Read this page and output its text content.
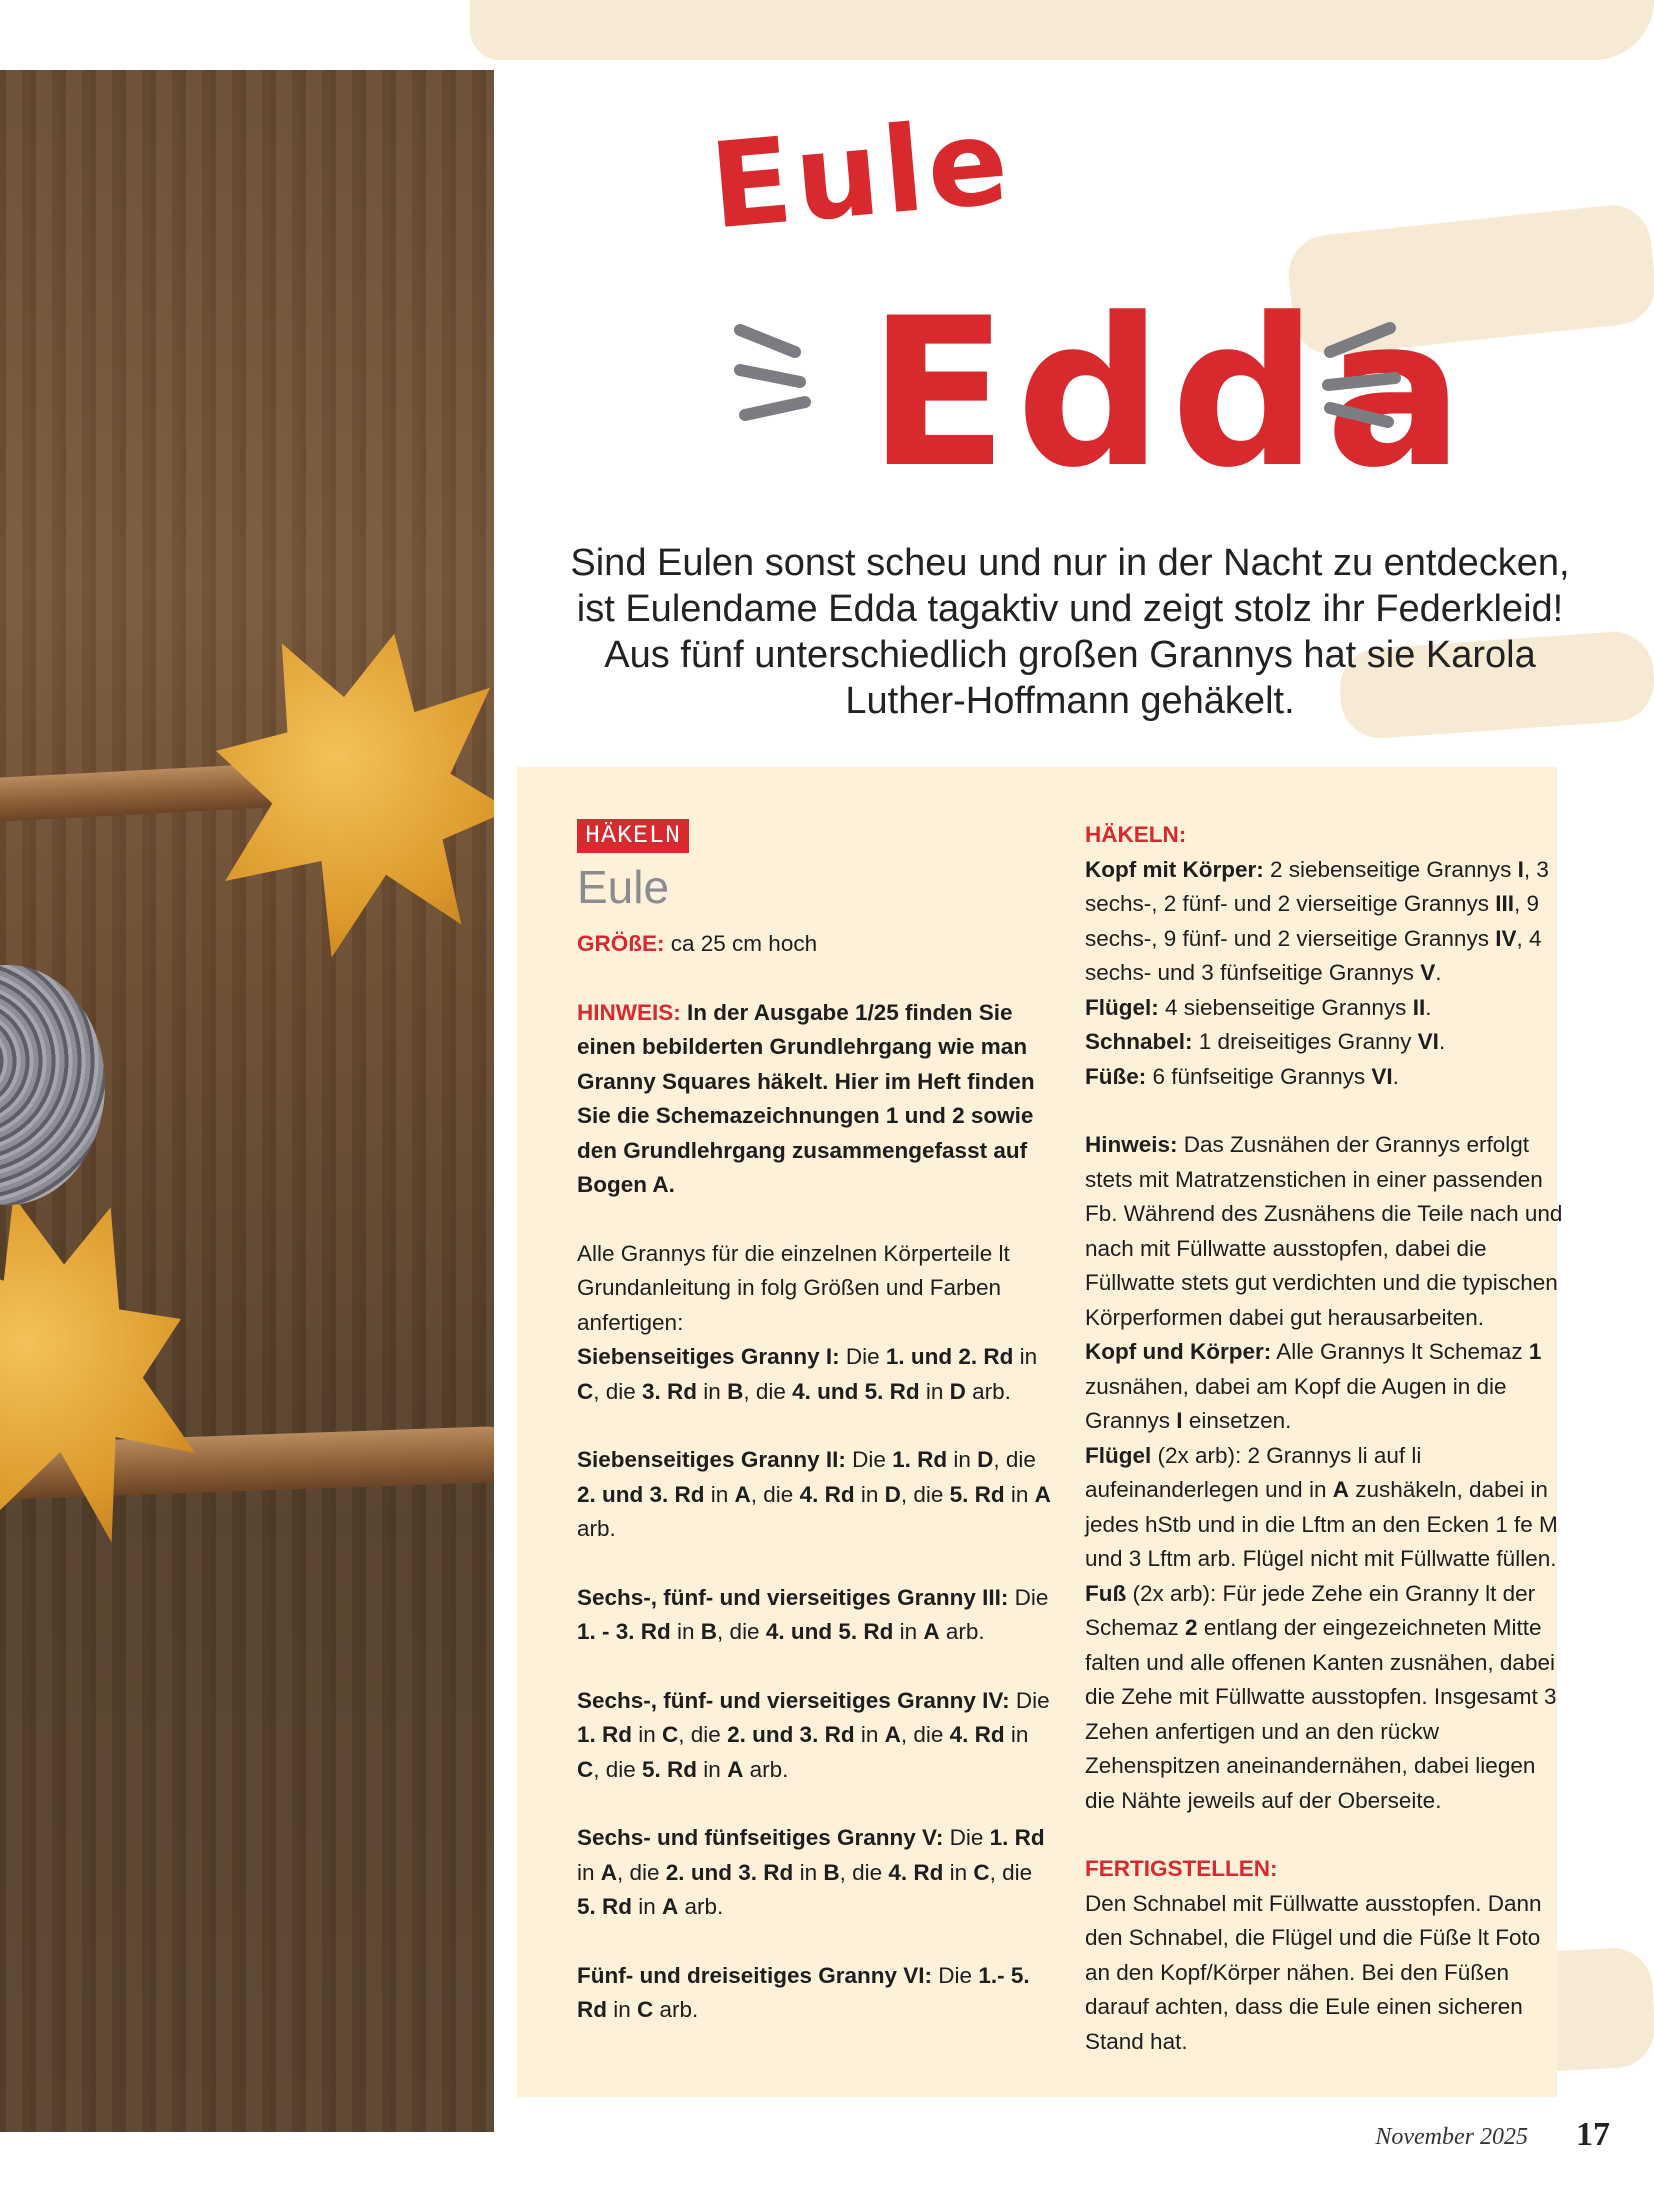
Eule
Edda
Sind Eulen sonst scheu und nur in der Nacht zu entdecken,
ist Eulendame Edda tagaktiv und zeigt stolz ihr Federkleid!
Aus fünf unterschiedlich großen Grannys hat sie Karola
Luther-Hoffmann gehäkelt.
HÄKELN
Eule

GRÖßE: ca 25 cm hoch

HINWEIS: In der Ausgabe 1/25 finden Sie einen bebilderten Grundlehrgang wie man Granny Squares häkelt. Hier im Heft finden Sie die Schemazeichnungen 1 und 2 sowie den Grundlehrgang zusammengefasst auf Bogen A.

Alle Grannys für die einzelnen Körperteile lt Grundanleitung in folg Größen und Farben anfertigen:

Siebenseitiges Granny I: Die 1. und 2. Rd in C, die 3. Rd in B, die 4. und 5. Rd in D arb.

Siebenseitiges Granny II: Die 1. Rd in D, die 2. und 3. Rd in A, die 4. Rd in D, die 5. Rd in A arb.

Sechs-, fünf- und vierseitiges Granny III: Die 1. - 3. Rd in B, die 4. und 5. Rd in A arb.

Sechs-, fünf- und vierseitiges Granny IV: Die 1. Rd in C, die 2. und 3. Rd in A, die 4. Rd in C, die 5. Rd in A arb.

Sechs- und fünfseitiges Granny V: Die 1. Rd in A, die 2. und 3. Rd in B, die 4. Rd in C, die 5. Rd in A arb.

Fünf- und dreiseitiges Granny VI: Die 1.- 5. Rd in C arb.

HÄKELN:

Kopf mit Körper: 2 siebenseitige Grannys I, 3 sechs-, 2 fünf- und 2 vierseitige Grannys III, 9 sechs-, 9 fünf- und 2 vierseitige Grannys IV, 4 sechs- und 3 fünfseitige Grannys V.

Flügel: 4 siebenseitige Grannys II.

Schnabel: 1 dreiseitiges Granny VI.

Füße: 6 fünfseitige Grannys VI.

Hinweis: Das Zusnähen der Grannys erfolgt stets mit Matratzenstichen in einer passenden Fb. Während des Zusnähens die Teile nach und nach mit Füllwatte ausstopfen, dabei die Füllwatte stets gut verdichten und die typischen Körperformen dabei gut herausarbeiten.

Kopf und Körper: Alle Grannys lt Schemaz 1 zusnähen, dabei am Kopf die Augen in die Grannys I einsetzen.

Flügel (2x arb): 2 Grannys li auf li aufeinanderlegen und in A zushäkeln, dabei in jedes hStb und in die Lftm an den Ecken 1 fe M und 3 Lftm arb. Flügel nicht mit Füllwatte füllen.

Fuß (2x arb): Für jede Zehe ein Granny lt der Schemaz 2 entlang der eingezeichneten Mitte falten und alle offenen Kanten zusnähen, dabei die Zehe mit Füllwatte ausstopfen. Insgesamt 3 Zehen anfertigen und an den rückw Zehenspitzen aneinandernähen, dabei liegen die Nähte jeweils auf der Oberseite.

FERTIGSTELLEN:

Den Schnabel mit Füllwatte ausstopfen. Dann den Schnabel, die Flügel und die Füße lt Foto an den Kopf/Körper nähen. Bei den Füßen darauf achten, dass die Eule einen sicheren Stand hat.

November 2025 17
